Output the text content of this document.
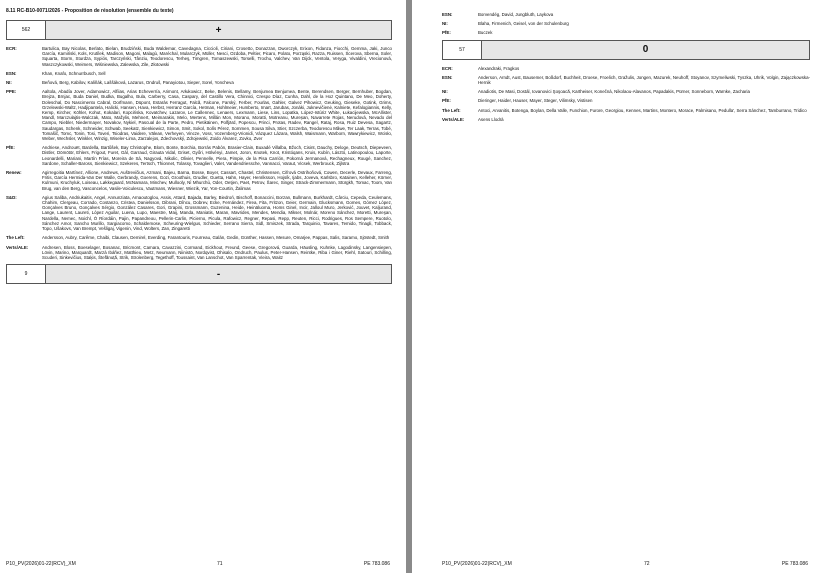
8.11 RC-B10-0071/2026 - Proposition de résolution (ensemble du texte)
562	+
ECR:	Bartulica, Bay Nicolas, Berlato, Bielan, Brudziński, Buda Waldemar, Cavedagna, Ciccioli, Ciriani, Crosetto, Donazzan, Dworczyk, Erixon, Fidanza, Fiocchi, Gemma, Jaki, Junco García, Kamiński, Kols, Krutílek, Madison, Magoni, Malagù, Maréchal, Mularczyk, Müller, Nesci, Ozdoba, Peltier, Picaro, Polato, Porząski, Razza, Ruissen, Ścerova, Sberna, Soler, Squarta, Storm, Sturdza, Sypiós, Tarczyński, Tânziu, Teodorescu, Terheş, Timgren, Tomaszewski, Torselli, Trochu, Valchev, Van Dijck, Ventola, Veryga, Vivaldini, Vrecionová, Waszczykowski, Weimers, Wiśniewska, Zalewska, Zile, Złotowski
ESN:	Khan, Knafo, Schnurrbusch, Sell
NI:	Beňová, Berg, Kabilov, Kaliňák, Laššáková, Lazarus, Ondruš, Panayiotou, Sieper, Sorel, Yoncheva
PPE:	Aaltola, Abadía Jover, Adamowicz, Alfiias, Arias Echeverría, Arimont, Arłukowicz, Beke, Belenis, Bellamy, Benjumea Benjumea, Bente, Berendsen, Berger, Bernhuber, Bogdan, Brejza, Brnjac, Buda Daniel, Budka, Bugalho, Bula, Carberry, Casa, Caspary, del Castillo Vera, Chinnici, Crespo Díaz, Cunha, Dahl, de la Hoz Quintano, De Meo, Doherty, Doleschal, Do Nascimento Cabral, Dorfmann, Düpont, Estarás Ferragut, Falcă, Falcone, Farský, Ferber, Fourlas, Gahler, Galvez Pihowicz, Geuking, Gieseke, Gotink, Grims, Grzelewski-Waltz, Hadjipantela, Halicki, Hansen, Hava, Herbst, Herranz García, Hetman, Hohlmeier, Humberto, Imart, Jarubas, Jonáki, Juknevičienė, Kalniete, Kefalogiannis, Kelly, Kemp, Kircher, Köhler, Kohut, Kokalari, Kopcińska, Kovatchev, Lazarov, Le Callennec, Lenaers, Lexmann, Liese, Lins, Lopatka, López-Istúriz White, Łukacijewska, McAllister, Mandl, Marczułajtis-Walczak, Mato, Mažylis, Mehnert, Meimarakis, Melo, Mertens, Millán Mon, Morano, Moratti, Motreanu, Mureșan, Navarrete Rojas, Nerudová, Nevado del Campo, Niebler, Niedermayer, Novakov, Nykiel, Pascual de la Parte, Pedro, Pietikäinen, Polfjärd, Popescu, Princi, Protas, Radev, Rangel, Rataj, Rosa, Ruiz Devesa, Sagartz, Saudargas, Schenk, Schneider, Schwab, Seekatz, Sienkiewicz, Simon, Smit, Sokol, Solís Pérez, Sommen, Sousa Silva, Stier, Szczerba, Teodorescu Måwe, Ter Laak, Terras, Tobé, Tomašič, Tomc, Tonin, Tosi, Toveri, Tsiodras, Vaidere, Välean, Verheyen, Vincze, Voss, Vozemberg-Vrionidi, Vázquez Lázara, Walsh, Waismann, Warborn, Wawrykiewicz, Wcisło, Weber, Wechsler, Winkler, Winzig, Wiseler-Lima, Zarzalejos, Zdechovský, Zdrojewski, Zoido Álvarez, Zovko, Zver
PfE:	Andriese, Androuët, Bardella, Bartůšek, Bay Christophe, Blom, Bonte, Borchia, Borrás Pabón, Brasier-Clain, Buxadé Villalba, Bžoch, Cisint, Dauchy, Deloge, Deutsch, Diepeveen, Distler, Dömötör, Ehlers, Frigout, Furet, Gál, Garraud, Girauta Vidal, Griset, Győri, Hölvényi, Jamet, Joron, Knotek, Knot, Kristóqans, Kruis, Kubín, Lásztó, Latinopoulou, Laporte, Leonardelli, Mariani, Martín Frías, Moreira de Sá, Nagyová, Nikolic, Olivier, Pennelle, Piera, Pimpie, de la Pisa Carrión, Pokorná Jermanová, Rechagneux, Rougé, Sanchez, Sardone, Schaller-Baross, Sienkiewicz, Szekeres, Tertsch, Thionnet, Tolassy, Tovaglieri, Valet, Vandendriessche, Vannacci, Varaut, Vicsek, Werbrouck, Zijlstra
Renew:	Agirregoitia Martínez, Allione, Andrews, Auštrevičius, Azmani, Bajeu, Barna, Bosse, Boyer, Cassart, Chastel, Christensen, Cifrová Ostrihoňová, Cowen, Decerle, Devaux, Farreng, Fritis, García Hermida-Van Der Walle, Gerbrandy, Goerens, Gozi, Groothuis, Grudler, Guetta, Hahn, Hayer, Henriksson, Hojsík, Ijabs, Joveva, Karlsbro, Katainen, Kelleher, Körner, Kulmuni, Kruchyluk, Loiseau, Løkkegaard, McNamara, Minchev, Mullooly, Nì Mhurchú, Oder, Oetjen, Paet, Petrov, Šarec, Singer, Strack-Zimmermann, Stürgkh, Tomac, Toom, Van Brug, van den Berg, Vasconcelos, Vasile-Voiculescu, Vautmans, Wiesner, Wiezik, Yar, Yon-Courtin, Žalimas
S&D:	Agius Saliba, Andriukaitis, Angel, Annunziata, Arnaoutoglou, Assis, Attard, Bajada, Barley, Biedroń, Bischoff, Bonaccini, Borzan, Bullmann, Burkhardt, Cârciu, Cepeda, Ceulemans, Chahim, Clergeau, Corrado, Costanzo, Cristea, Danielsson, Dibrani, Dîncu, Dobrev, Ecke, Fernández, Firea, Fita, Fritzon, Geier, Germain, Glucksmann, Gomes, Gómez López, Gonçalves Bruno, Gonçalves Sérgio, González Casares, Gori, Grapini, Grossmann, Guzenina, Heide, Heinäluoma, Homs Ginel, Incir, Jalloul Muro, Jerković, Jouvet, Kaljurand, Lange, Laurent, Laureti, López Aguilar, Luena, Lupo, Maestre, Maij, Manda, Maniatis, Maran, Mavrides, Mendes, Mendia, Mikser, Molnár, Moreno Sánchez, Moretti, Mureşan, Nardella, Nemec, Noichl, Ó Ríordáin, Pajin, Papandreou, Pellerin-Carlin, Picierno, Picula, Rafowicz, Regner, Repasi, Repp, Reuten, Ricci, Rodrigues, Ros Sempere, Ruotolo, Sánchez Amor, Sancho Murillo, Sargiacomo, Schaldemose, Scheuring-Wielgus, Schieder, Serrano Sierra, Sidl, Smiszek, Strada, Tarquinio, Tavares, Temido, Tinagli, Tobback, Topo, Ušakovs, Van Brempt, Vešligaj, Vigenin, Vind, Wolters, Zan, Zingaretti
The Left:	Andersson, Aubry, Carême, Chaibi, Clausen, Demirel, Everding, Farantouris, Fourreau, Galán, Gedin, Günther, Hassen, Mesure, Omarjee, Pappas, Salis, Saramo, Sjöstedt, Smith
Verts/ALE:	Andresen, Bloss, Boeselager, Bosanac, Bricmont, Camara, Cavazzini, Cormand, Eickhout, Freund, Geese, Gregorová, Guarda, Häusling, Kuhnke, Lagodinsky, Langensiepen, Lövin, Marino, Marquardt, Marzà Ibáñez, Matthieu, Metz, Neumann, Niinistö, Nordqvist, Ohisalo, Ondruch, Paulus, Peter-Hansen, Reintke, Riba i Giner, Riehl, Satouri, Schilling, Scuderi, Sinkevičius, Staķis, Štefănuță, Strik, Strolenberg, Tegethoff, Toussaint, Van Lanschot, Van Sparrentak, Vieira, Waitz
9	-
P10_PV(2026)01-22(RCV)_XM	71	PE 783.086
ESN:	Borvendég, David, Jungbluth, Laykova
NI:	Blaha, Firmenich, Geisel, von der Schulenburg
PfE:	Buczek
57	0
ECR:	Alexandraki, Fragkos
ESN:	Anderson, Arndt, Aust, Bausemer, Boßdorf, Buchheit, Droese, Froelich, Gražulis, Jongen, Mazurek, Neuhoff, Stoyanov, Szymeliwski, Tyszka, Uhrik, Volgin, Zajączkowska-Hernik
NI:	Anadiotis, De Masi, Dostál, Iovanovici Şoşoacă, Kartheiser, Konečná, Nikolaou-Alavanos, Papadakis, Pürner, Sonneborn, Warnke, Zacharia
PfE:	Dieringer, Haider, Hauser, Mayer, Steger, Vilimsky, Vistisen
The Left:	Antoci, Arvanitis, Botenga, Boylan, Della Valle, Funchion, Furore, Georgiou, Kennes, Martins, Montero, Morace, Palmisano, Pedulla', Serra Sánchez, Tamburrano, Tridico
Verts/ALE:	Asens Llodrà
P10_PV(2026)01-22(RCV)_XM	72	PE 783.086
